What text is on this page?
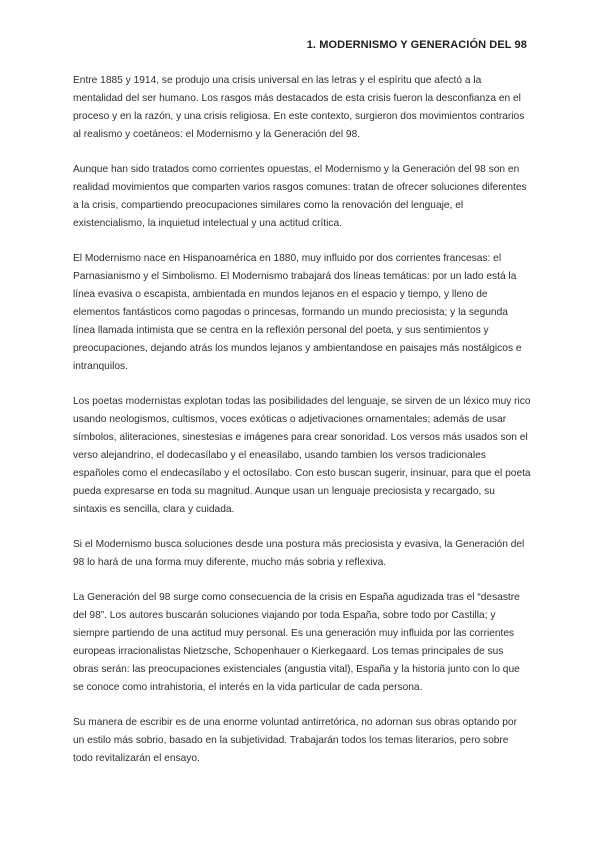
1. MODERNISMO Y GENERACIÓN DEL 98

Entre 1885 y 1914, se produjo una crisis universal en las letras y el espíritu que afectó a la mentalidad del ser humano. Los rasgos más destacados de esta crisis fueron la desconfianza en el proceso y en la razón, y una crisis religiosa. En este contexto, surgieron dos movimientos contrarios al realismo y coetáneos: el Modernismo y la Generación del 98.

Aunque han sido tratados como corrientes opuestas, el Modernismo y la Generación del 98 son en realidad movimientos que comparten varios rasgos comunes: tratan de ofrecer soluciones diferentes a la crisis, compartiendo preocupaciones similares como la renovación del lenguaje, el existencialismo, la inquietud intelectual y una actitud crítica.

El Modernismo nace en Hispanoamérica en 1880, muy influido por dos corrientes francesas: el Parnasianismo y el Simbolismo. El Modernismo trabajará dos líneas temáticas: por un lado está la línea evasiva o escapista, ambientada en mundos lejanos en el espacio y tiempo, y lleno de elementos fantásticos como pagodas o princesas, formando un mundo preciosista; y la segunda línea llamada intimista que se centra en la reflexión personal del poeta, y sus sentimientos y preocupaciones, dejando atrás los mundos lejanos y ambientandose en paisajes más nostálgicos e intranquilos.

Los poetas modernistas explotan todas las posibilidades del lenguaje, se sirven de un léxico muy rico usando neologismos, cultismos, voces exóticas o adjetivaciones ornamentales; además de usar símbolos, aliteraciones, sinestesias e imágenes para crear sonoridad. Los versos más usados son el verso alejandrino, el dodecasílabo y el eneasílabo, usando tambien los versos tradicionales españoles como el endecasílabo y el octosílabo. Con esto buscan sugerir, insinuar, para que el poeta pueda expresarse en toda su magnitud. Aunque usan un lenguaje preciosista y recargado, su sintaxis es sencilla, clara y cuidada.

Si el Modernismo busca soluciones desde una postura más preciosista y evasiva, la Generación del 98 lo hará de una forma muy diferente, mucho más sobria y reflexiva.

La Generación del 98 surge como consecuencia de la crisis en España agudizada tras el “desastre del 98”. Los autores buscarán soluciones viajando por toda España, sobre todo por Castilla; y siempre partiendo de una actitud muy personal. Es una generación muy influida por las corrientes europeas irracionalistas Nietzsche, Schopenhauer o Kierkegaard. Los temas principales de sus obras serán: las preocupaciones existenciales (angustia vital), España y la historia junto con lo que se conoce como intrahistoria, el interés en la vida particular de cada persona.

Su manera de escribir es de una enorme voluntad antirretórica, no adornan sus obras optando por un estilo más sobrio, basado en la subjetividad. Trabajarán todos los temas literarios, pero sobre todo revitalizarán el ensayo.
